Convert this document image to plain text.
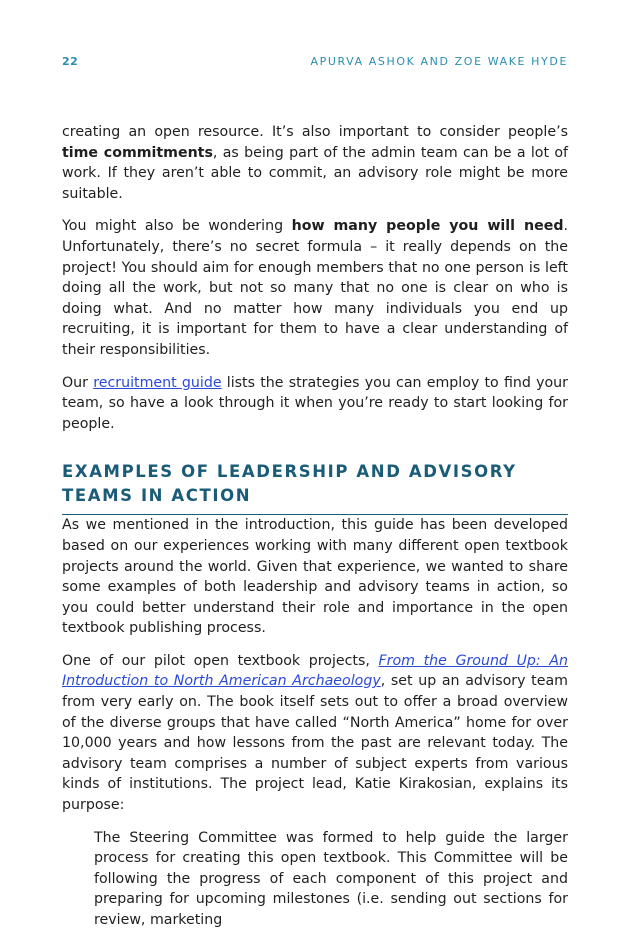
22	APURVA ASHOK AND ZOE WAKE HYDE

creating an open resource. It’s also important to consider people’s time commitments, as being part of the admin team can be a lot of work. If they aren’t able to commit, an advisory role might be more suitable.

You might also be wondering how many people you will need. Unfortunately, there’s no secret formula – it really depends on the project! You should aim for enough members that no one person is left doing all the work, but not so many that no one is clear on who is doing what. And no matter how many individuals you end up recruiting, it is important for them to have a clear understanding of their responsibilities.

Our recruitment guide lists the strategies you can employ to find your team, so have a look through it when you’re ready to start looking for people.

EXAMPLES OF LEADERSHIP AND ADVISORY TEAMS IN ACTION

As we mentioned in the introduction, this guide has been developed based on our experiences working with many different open textbook projects around the world. Given that experience, we wanted to share some examples of both leadership and advisory teams in action, so you could better understand their role and importance in the open textbook publishing process.

One of our pilot open textbook projects, From the Ground Up: An Introduction to North American Archaeology, set up an advisory team from very early on. The book itself sets out to offer a broad overview of the diverse groups that have called “North America” home for over 10,000 years and how lessons from the past are relevant today. The advisory team comprises a number of subject experts from various kinds of institutions. The project lead, Katie Kirakosian, explains its purpose:

The Steering Committee was formed to help guide the larger process for creating this open textbook. This Committee will be following the progress of each component of this project and preparing for upcoming milestones (i.e. sending out sections for review, marketing
